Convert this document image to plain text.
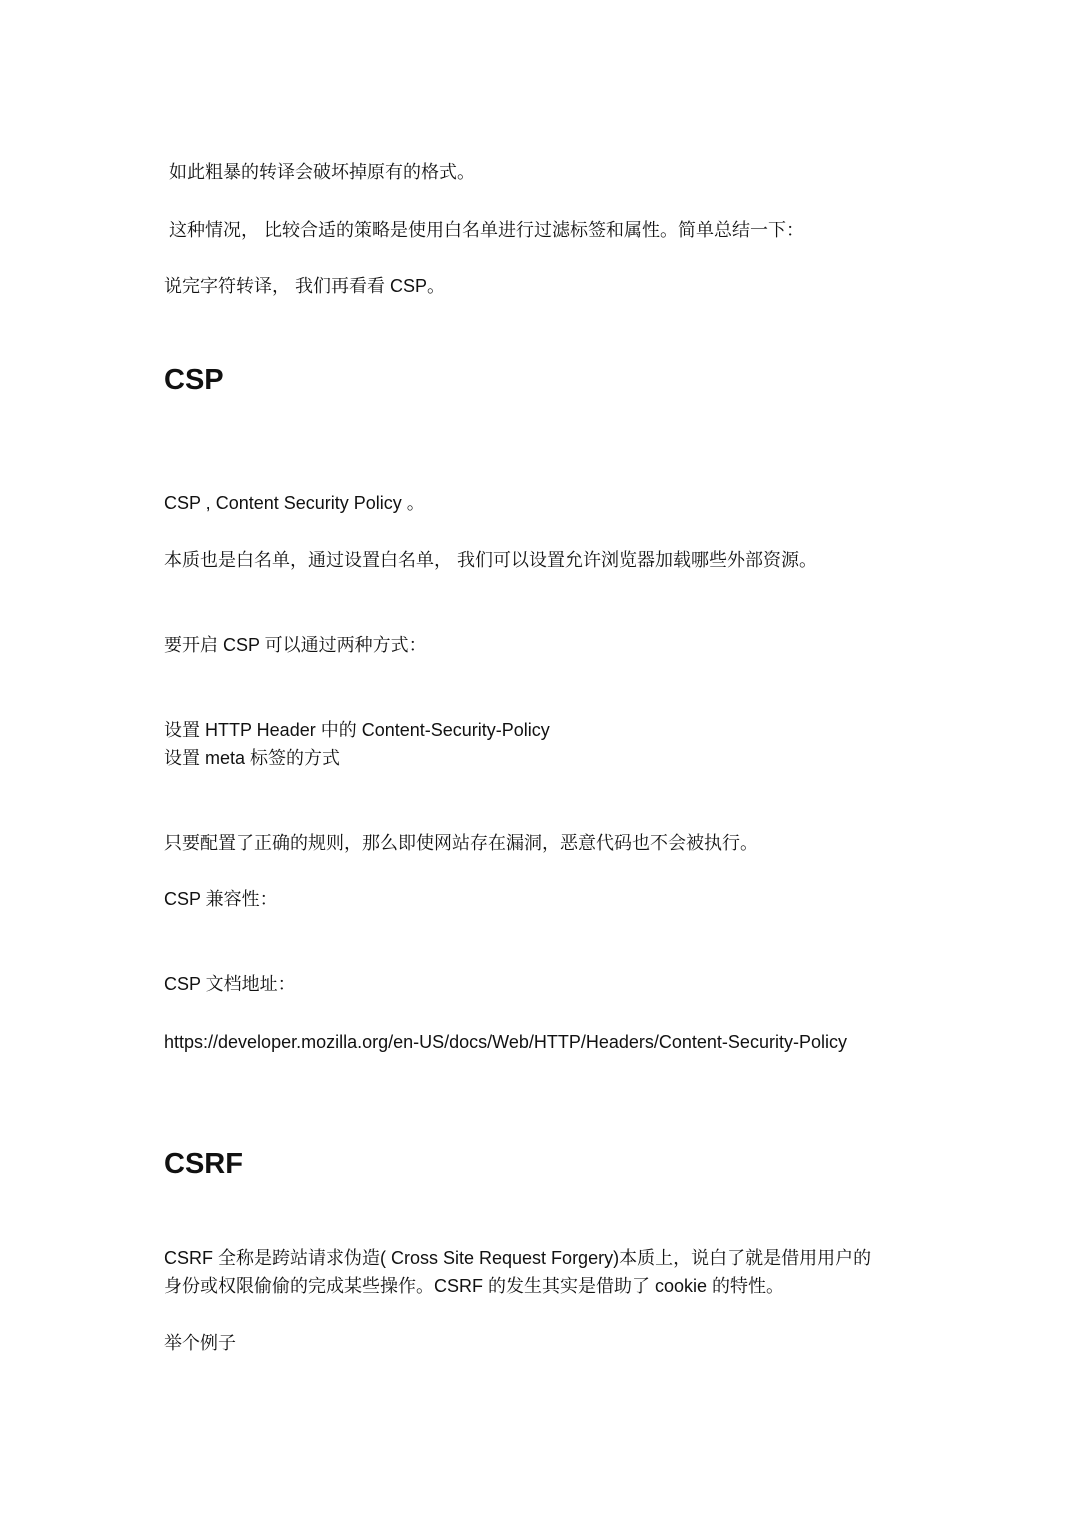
如此粗暴的转译会破坏掉原有的格式。

这种情况， 比较合适的策略是使用白名单进行过滤标签和属性。简单总结一下：

说完字符转译， 我们再看看 CSP。

CSP

CSP , Content Security Policy 。

本质也是白名单，通过设置白名单， 我们可以设置允许浏览器加载哪些外部资源。

要开启 CSP 可以通过两种方式：

设置 HTTP Header 中的 Content-Security-Policy

设置 meta 标签的方式

只要配置了正确的规则，那么即使网站存在漏洞，恶意代码也不会被执行。

CSP 兼容性：

CSP 文档地址：

https://developer.mozilla.org/en-US/docs/Web/HTTP/Headers/Content-Security-Policy

CSRF

CSRF 全称是跨站请求伪造( Cross Site Request Forgery)本质上，说白了就是借用用户的

身份或权限偷偷的完成某些操作。CSRF 的发生其实是借助了 cookie 的特性。

举个例子
